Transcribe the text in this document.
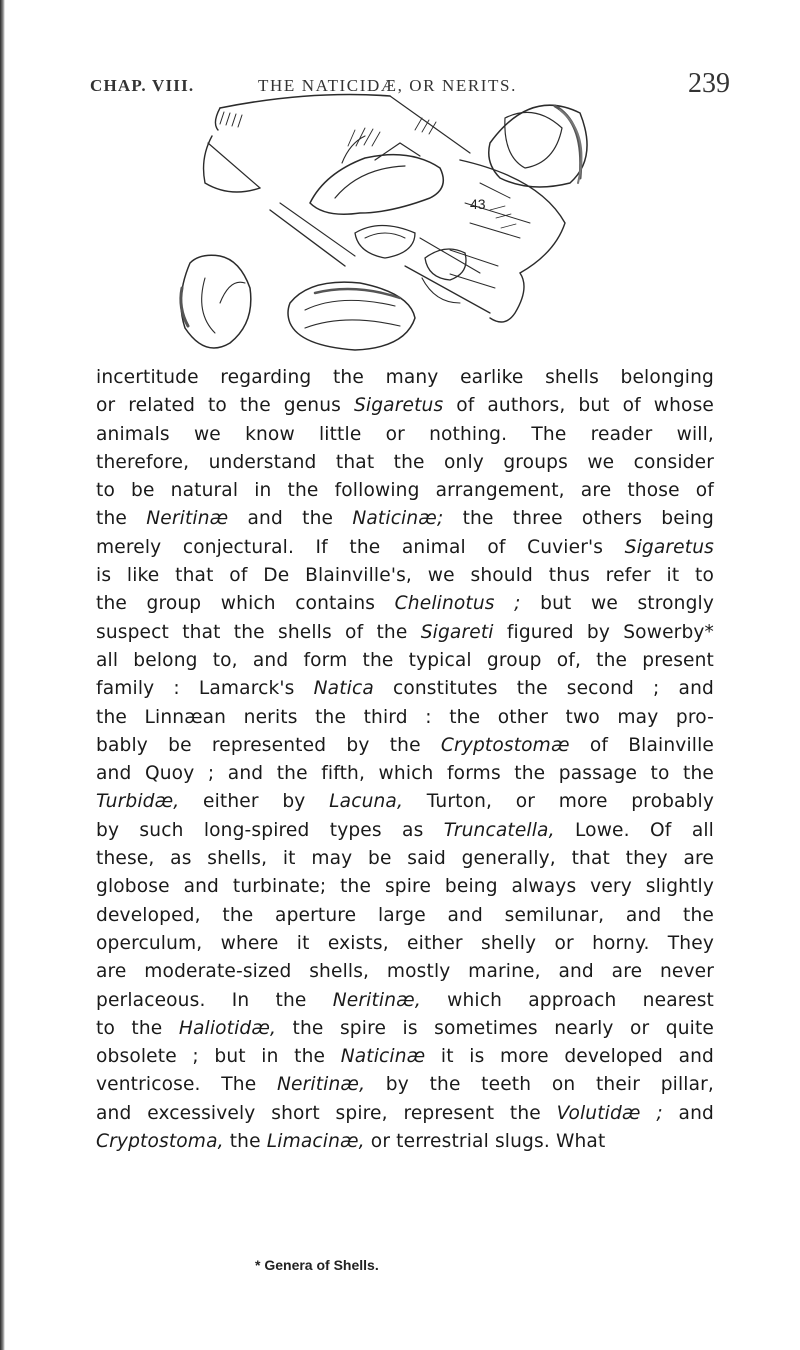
CHAP. VIII.	THE NATICIDÆ, OR NERITS.	239
43
incertitude regarding the many earlike shells belonging
or related to the genus Sigaretus of authors, but of whose
animals we know little or nothing. The reader will,
therefore, understand that the only groups we consider
to be natural in the following arrangement, are those of
the Neritinæ and the Naticinæ; the three others being
merely conjectural. If the animal of Cuvier's Sigaretus
is like that of De Blainville's, we should thus refer it to
the group which contains Chelinotus ; but we strongly
suspect that the shells of the Sigareti figured by Sowerby*
all belong to, and form the typical group of, the present
family : Lamarck's Natica constitutes the second ; and
the Linnæan nerits the third : the other two may pro-
bably be represented by the Cryptostomæ of Blainville
and Quoy ; and the fifth, which forms the passage to the
Turbidæ, either by Lacuna, Turton, or more probably
by such long-spired types as Truncatella, Lowe. Of all
these, as shells, it may be said generally, that they are
globose and turbinate; the spire being always very slightly
developed, the aperture large and semilunar, and the
operculum, where it exists, either shelly or horny. They
are moderate-sized shells, mostly marine, and are never
perlaceous. In the Neritinæ, which approach nearest
to the Haliotidæ, the spire is sometimes nearly or quite
obsolete ; but in the Naticinæ it is more developed and
ventricose. The Neritinæ, by the teeth on their pillar,
and excessively short spire, represent the Volutidæ ; and
Cryptostoma, the Limacinæ, or terrestrial slugs. What
* Genera of Shells.
